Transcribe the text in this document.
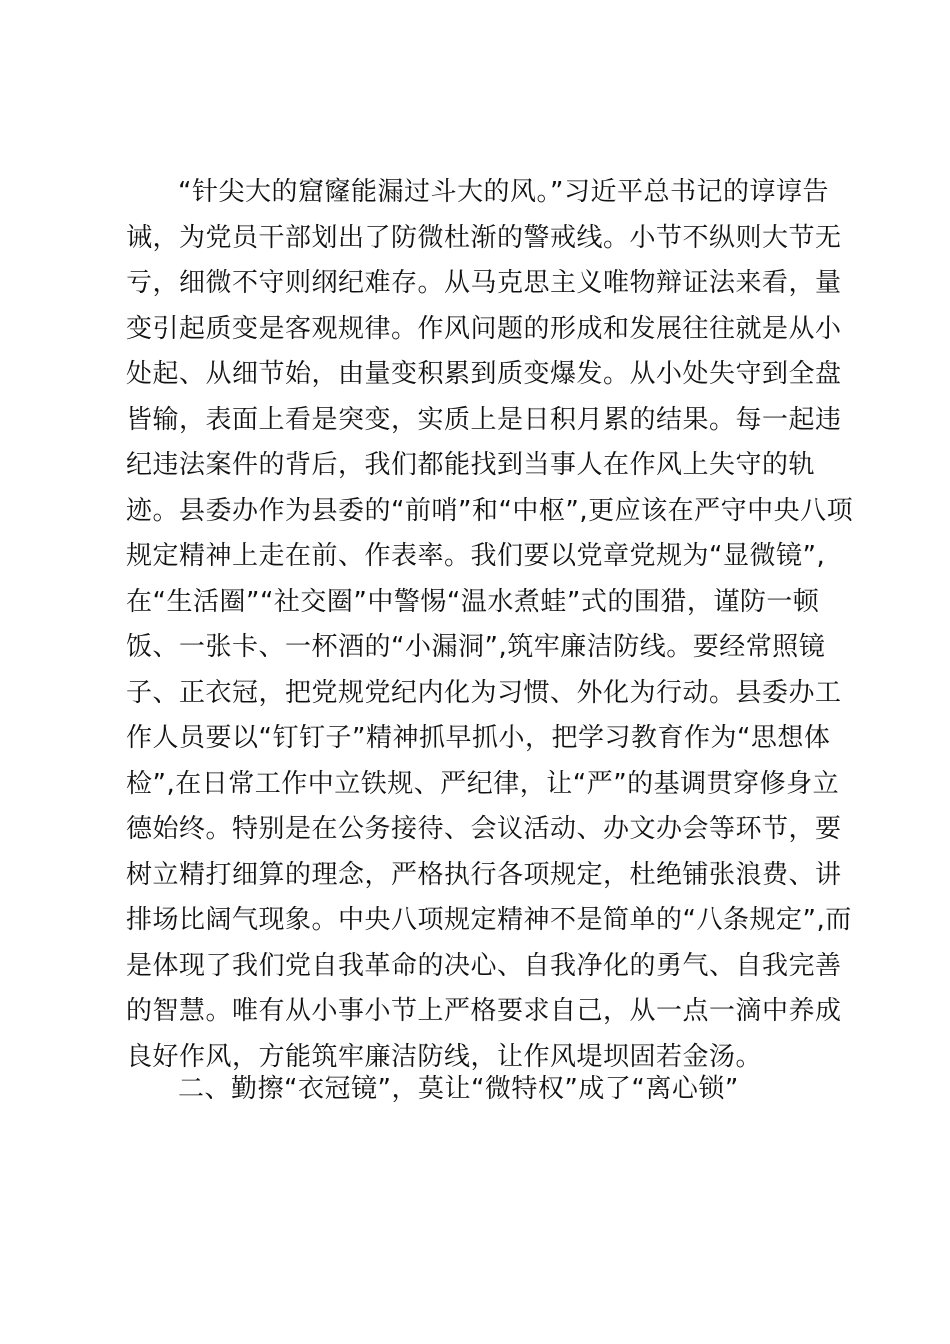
“针尖大的窟窿能漏过斗大的风。”习近平总书记的谆谆告
诫，为党员干部划出了防微杜渐的警戒线。小节不纵则大节无
亏，细微不守则纲纪难存。从马克思主义唯物辩证法来看，量
变引起质变是客观规律。作风问题的形成和发展往往就是从小
处起、从细节始，由量变积累到质变爆发。从小处失守到全盘
皆输，表面上看是突变，实质上是日积月累的结果。每一起违
纪违法案件的背后，我们都能找到当事人在作风上失守的轨
迹。县委办作为县委的“前哨”和“中枢”,更应该在严守中央八项
规定精神上走在前、作表率。我们要以党章党规为“显微镜”,
在“生活圈”“社交圈”中警惕“温水煮蛙”式的围猎，谨防一顿
饭、一张卡、一杯酒的“小漏洞”,筑牢廉洁防线。要经常照镜
子、正衣冠，把党规党纪内化为习惯、外化为行动。县委办工
作人员要以“钉钉子”精神抓早抓小，把学习教育作为“思想体
检”,在日常工作中立铁规、严纪律，让“严”的基调贯穿修身立
德始终。特别是在公务接待、会议活动、办文办会等环节，要
树立精打细算的理念，严格执行各项规定，杜绝铺张浪费、讲
排场比阔气现象。中央八项规定精神不是简单的“八条规定”,而
是体现了我们党自我革命的决心、自我净化的勇气、自我完善
的智慧。唯有从小事小节上严格要求自己，从一点一滴中养成
良好作风，方能筑牢廉洁防线，让作风堤坝固若金汤。
二、勤擦“衣冠镜”，莫让“微特权”成了“离心锁”
